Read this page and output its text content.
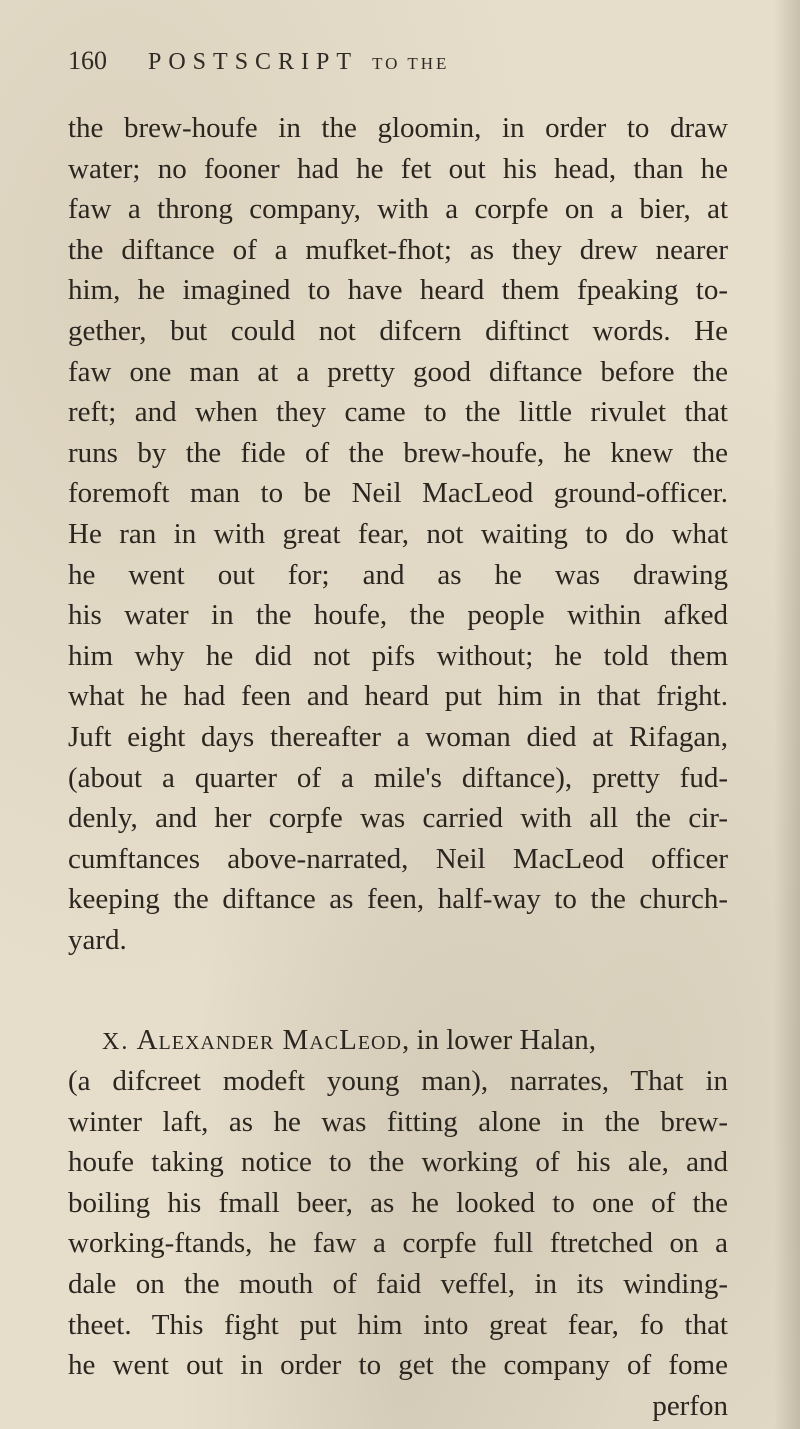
160	POSTSCRIPT TO THE
the brew-houfe in the gloomin, in order to draw
water; no fooner had he fet out his head, than he
faw a throng company, with a corpfe on a bier, at
the diftance of a mufket-fhot; as they drew nearer
him, he imagined to have heard them fpeaking to-
gether, but could not difcern diftinct words. He
faw one man at a pretty good diftance before the
reft; and when they came to the little rivulet that
runs by the fide of the brew-houfe, he knew the
foremoft man to be Neil MacLeod ground-officer.
He ran in with great fear, not waiting to do what
he went out for; and as he was drawing
his water in the houfe, the people within afked
him why he did not pifs without; he told them
what he had feen and heard put him in that fright.
Juft eight days thereafter a woman died at Rifagan,
(about a quarter of a mile's diftance), pretty fud-
denly, and her corpfe was carried with all the cir-
cumftances above-narrated, Neil MacLeod officer
keeping the diftance as feen, half-way to the church-
yard.
X. Alexander MacLeod, in lower Halan,
(a difcreet modeft young man), narrates, That in
winter laft, as he was fitting alone in the brew-
houfe taking notice to the working of his ale, and
boiling his fmall beer, as he looked to one of the
working-ftands, he faw a corpfe full ftretched on a
dale on the mouth of faid veffel, in its winding-
theet. This fight put him into great fear, fo that
he went out in order to get the company of fome
perfon
